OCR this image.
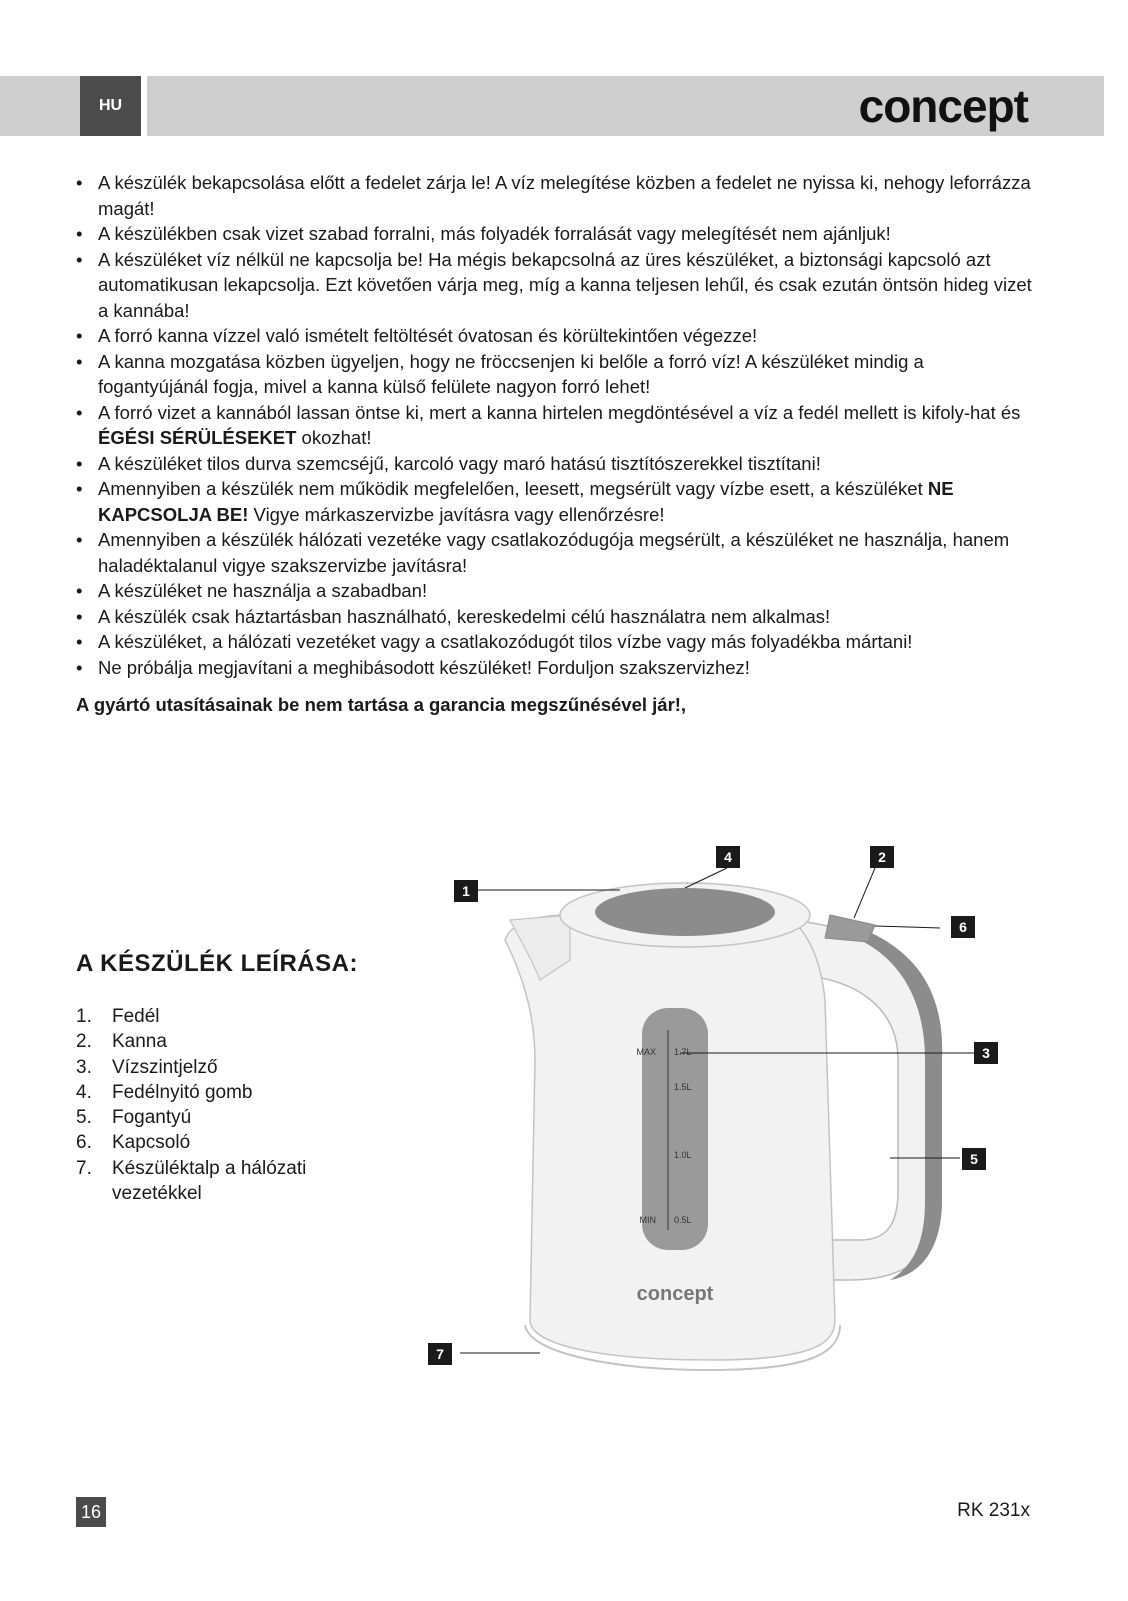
HU	concept
• A készülék bekapcsolása előtt a fedelet zárja le! A víz melegítése közben a fedelet ne nyissa ki, nehogy leforrázza magát!
• A készülékben csak vizet szabad forralni, más folyadék forralását vagy melegítését nem ajánljuk!
• A készüléket víz nélkül ne kapcsolja be! Ha mégis bekapcsolná az üres készüléket, a biztonsági kapcsoló azt automatikusan lekapcsolja. Ezt követően várja meg, míg a kanna teljesen lehűl, és csak ezután öntsön hideg vizet a kannába!
• A forró kanna vízzel való ismételt feltöltését óvatosan és körültekintően végezze!
• A kanna mozgatása közben ügyeljen, hogy ne fröccsenjen ki belőle a forró víz! A készüléket mindig a fogantyújánál fogja, mivel a kanna külső felülete nagyon forró lehet!
• A forró vizet a kannából lassan öntse ki, mert a kanna hirtelen megdöntésével a víz a fedél mellett is kifoly-hat és ÉGÉSI SÉRÜLÉSEKET okozhat!
• A készüléket tilos durva szemcséjű, karcoló vagy maró hatású tisztítószerekkel tisztítani!
• Amennyiben a készülék nem működik megfelelően, leesett, megsérült vagy vízbe esett, a készüléket NE KAPCSOLJA BE! Vigye márkaszervizbe javításra vagy ellenőrzésre!
• Amennyiben a készülék hálózati vezetéke vagy csatlakozódugója megsérült, a készüléket ne használja, hanem haladéktalanul vigye szakszervizbe javításra!
• A készüléket ne használja a szabadban!
• A készülék csak háztartásban használható, kereskedelmi célú használatra nem alkalmas!
• A készüléket, a hálózati vezetéket vagy a csatlakozódugót tilos vízbe vagy más folyadékba mártani!
• Ne próbálja megjavítani a meghibásodott készüléket! Forduljon szakszervizhez!
A gyártó utasításainak be nem tartása a garancia megszűnésével jár!,
A KÉSZÜLÉK LEÍRÁSA:
1.	Fedél
2.	Kanna
3.	Vízszintjelző
4.	Fedélnyitó gomb
5.	Fogantyú
6.	Kapcsoló
7.	Készüléktalp a hálózati vezetékkel
MAX 1.7L
1.5L
1.0L
MIN 0.5L
concept
1
4	2
6
3
5
7
16	RK 231x
